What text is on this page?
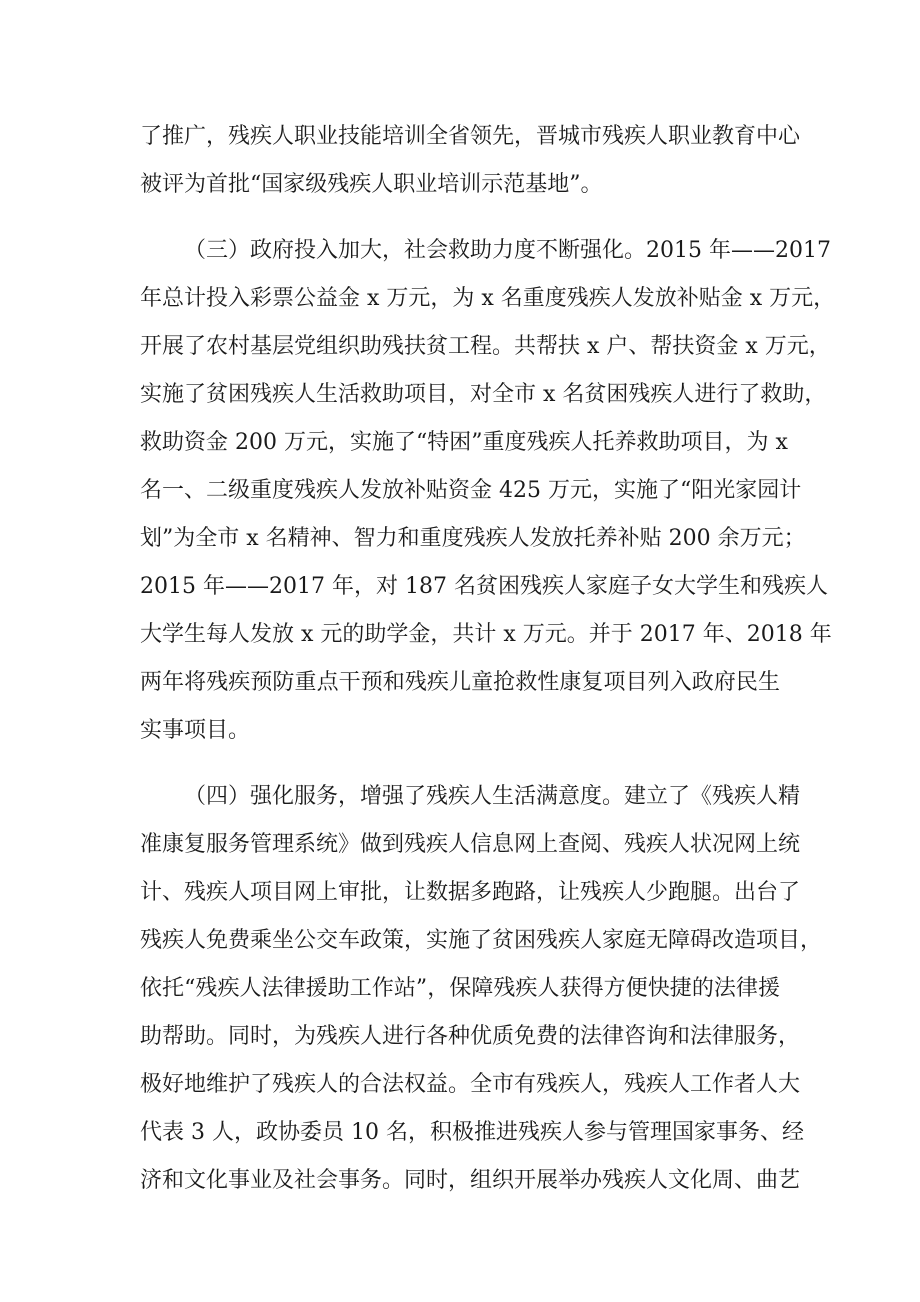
了推广，残疾人职业技能培训全省领先，晋城市残疾人职业教育中心
被评为首批“国家级残疾人职业培训示范基地”。
（三）政府投入加大，社会救助力度不断强化。2015 年——2017
年总计投入彩票公益金 x 万元，为 x 名重度残疾人发放补贴金 x 万元，
开展了农村基层党组织助残扶贫工程。共帮扶 x 户、帮扶资金 x 万元，
实施了贫困残疾人生活救助项目，对全市 x 名贫困残疾人进行了救助，
救助资金 200 万元，实施了“特困”重度残疾人托养救助项目，为 x
名一、二级重度残疾人发放补贴资金 425 万元，实施了“阳光家园计
划”为全市 x 名精神、智力和重度残疾人发放托养补贴 200 余万元；
2015 年——2017 年，对 187 名贫困残疾人家庭子女大学生和残疾人
大学生每人发放 x 元的助学金，共计 x 万元。并于 2017 年、2018 年
两年将残疾预防重点干预和残疾儿童抢救性康复项目列入政府民生
实事项目。
（四）强化服务，增强了残疾人生活满意度。建立了《残疾人精
准康复服务管理系统》做到残疾人信息网上查阅、残疾人状况网上统
计、残疾人项目网上审批，让数据多跑路，让残疾人少跑腿。出台了
残疾人免费乘坐公交车政策，实施了贫困残疾人家庭无障碍改造项目，
依托“残疾人法律援助工作站”，保障残疾人获得方便快捷的法律援
助帮助。同时，为残疾人进行各种优质免费的法律咨询和法律服务，
极好地维护了残疾人的合法权益。全市有残疾人，残疾人工作者人大
代表 3 人，政协委员 10 名，积极推进残疾人参与管理国家事务、经
济和文化事业及社会事务。同时，组织开展举办残疾人文化周、曲艺
